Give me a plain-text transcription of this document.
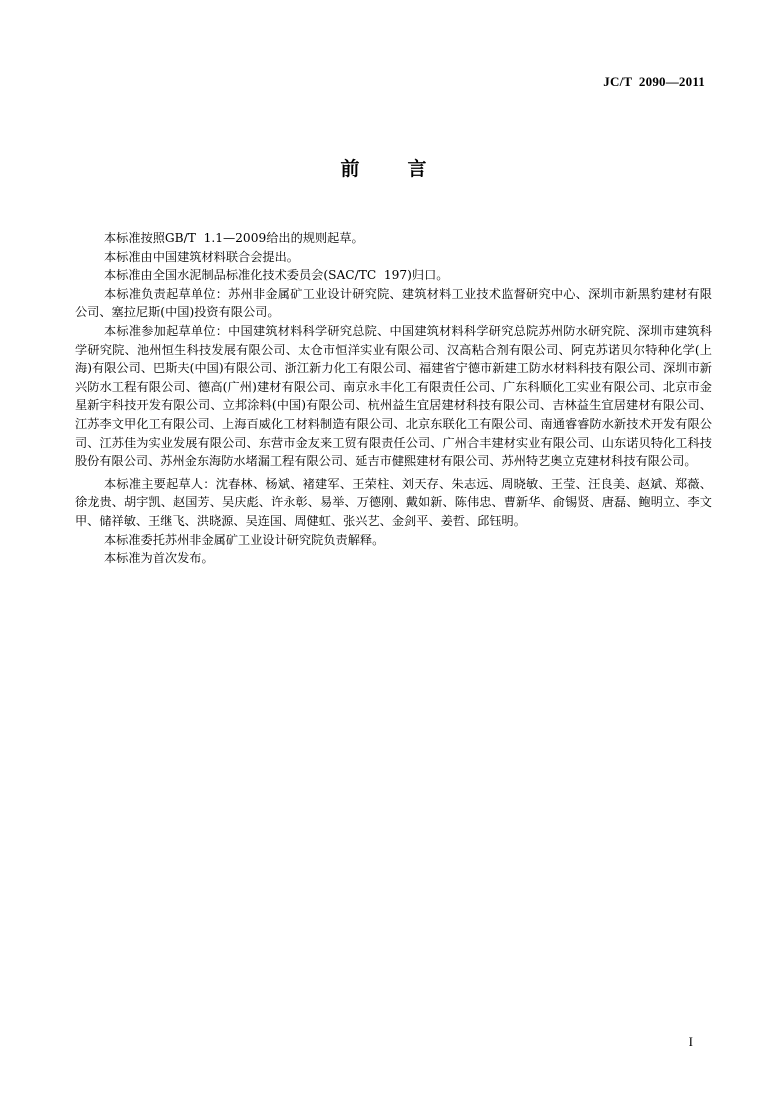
JC/T  2090—2011
前言

本标准按照GB/T  1.1—2009给出的规则起草。

本标准由中国建筑材料联合会提出。

本标准由全国水泥制品标准化技术委员会(SAC/TC  197)归口。

本标准负责起草单位：苏州非金属矿工业设计研究院、建筑材料工业技术监督研究中心、深圳市新黑豹建材有限公司、塞拉尼斯(中国)投资有限公司。

本标准参加起草单位：中国建筑材料科学研究总院、中国建筑材料科学研究总院苏州防水研究院、深圳市建筑科学研究院、池州恒生科技发展有限公司、太仓市恒洋实业有限公司、汉高粘合剂有限公司、阿克苏诺贝尔特种化学(上海)有限公司、巴斯夫(中国)有限公司、浙江新力化工有限公司、福建省宁德市新建工防水材料科技有限公司、深圳市新兴防水工程有限公司、德高(广州)建材有限公司、南京永丰化工有限责任公司、广东科顺化工实业有限公司、北京市金星新宇科技开发有限公司、立邦涂料(中国)有限公司、杭州益生宜居建材科技有限公司、吉林益生宜居建材有限公司、江苏李文甲化工有限公司、上海百威化工材料制造有限公司、北京东联化工有限公司、南通睿睿防水新技术开发有限公司、江苏佳为实业发展有限公司、东营市金友来工贸有限责任公司、广州合丰建材实业有限公司、山东诺贝特化工科技股份有限公司、苏州金东海防水堵漏工程有限公司、延吉市健熙建材有限公司、苏州特艺奥立克建材科技有限公司。

本标准主要起草人：沈春林、杨斌、褚建军、王荣柱、刘天存、朱志远、周晓敏、王莹、汪良美、赵斌、郑薇、徐龙贵、胡宇凯、赵国芳、吴庆彪、许永彰、易举、万德刚、戴如新、陈伟忠、曹新华、俞锡贤、唐磊、鲍明立、李文甲、储祥敏、王继飞、洪晓源、吴连国、周健虹、张兴艺、金剑平、姜哲、邱钰明。

本标准委托苏州非金属矿工业设计研究院负责解释。

本标准为首次发布。

I
